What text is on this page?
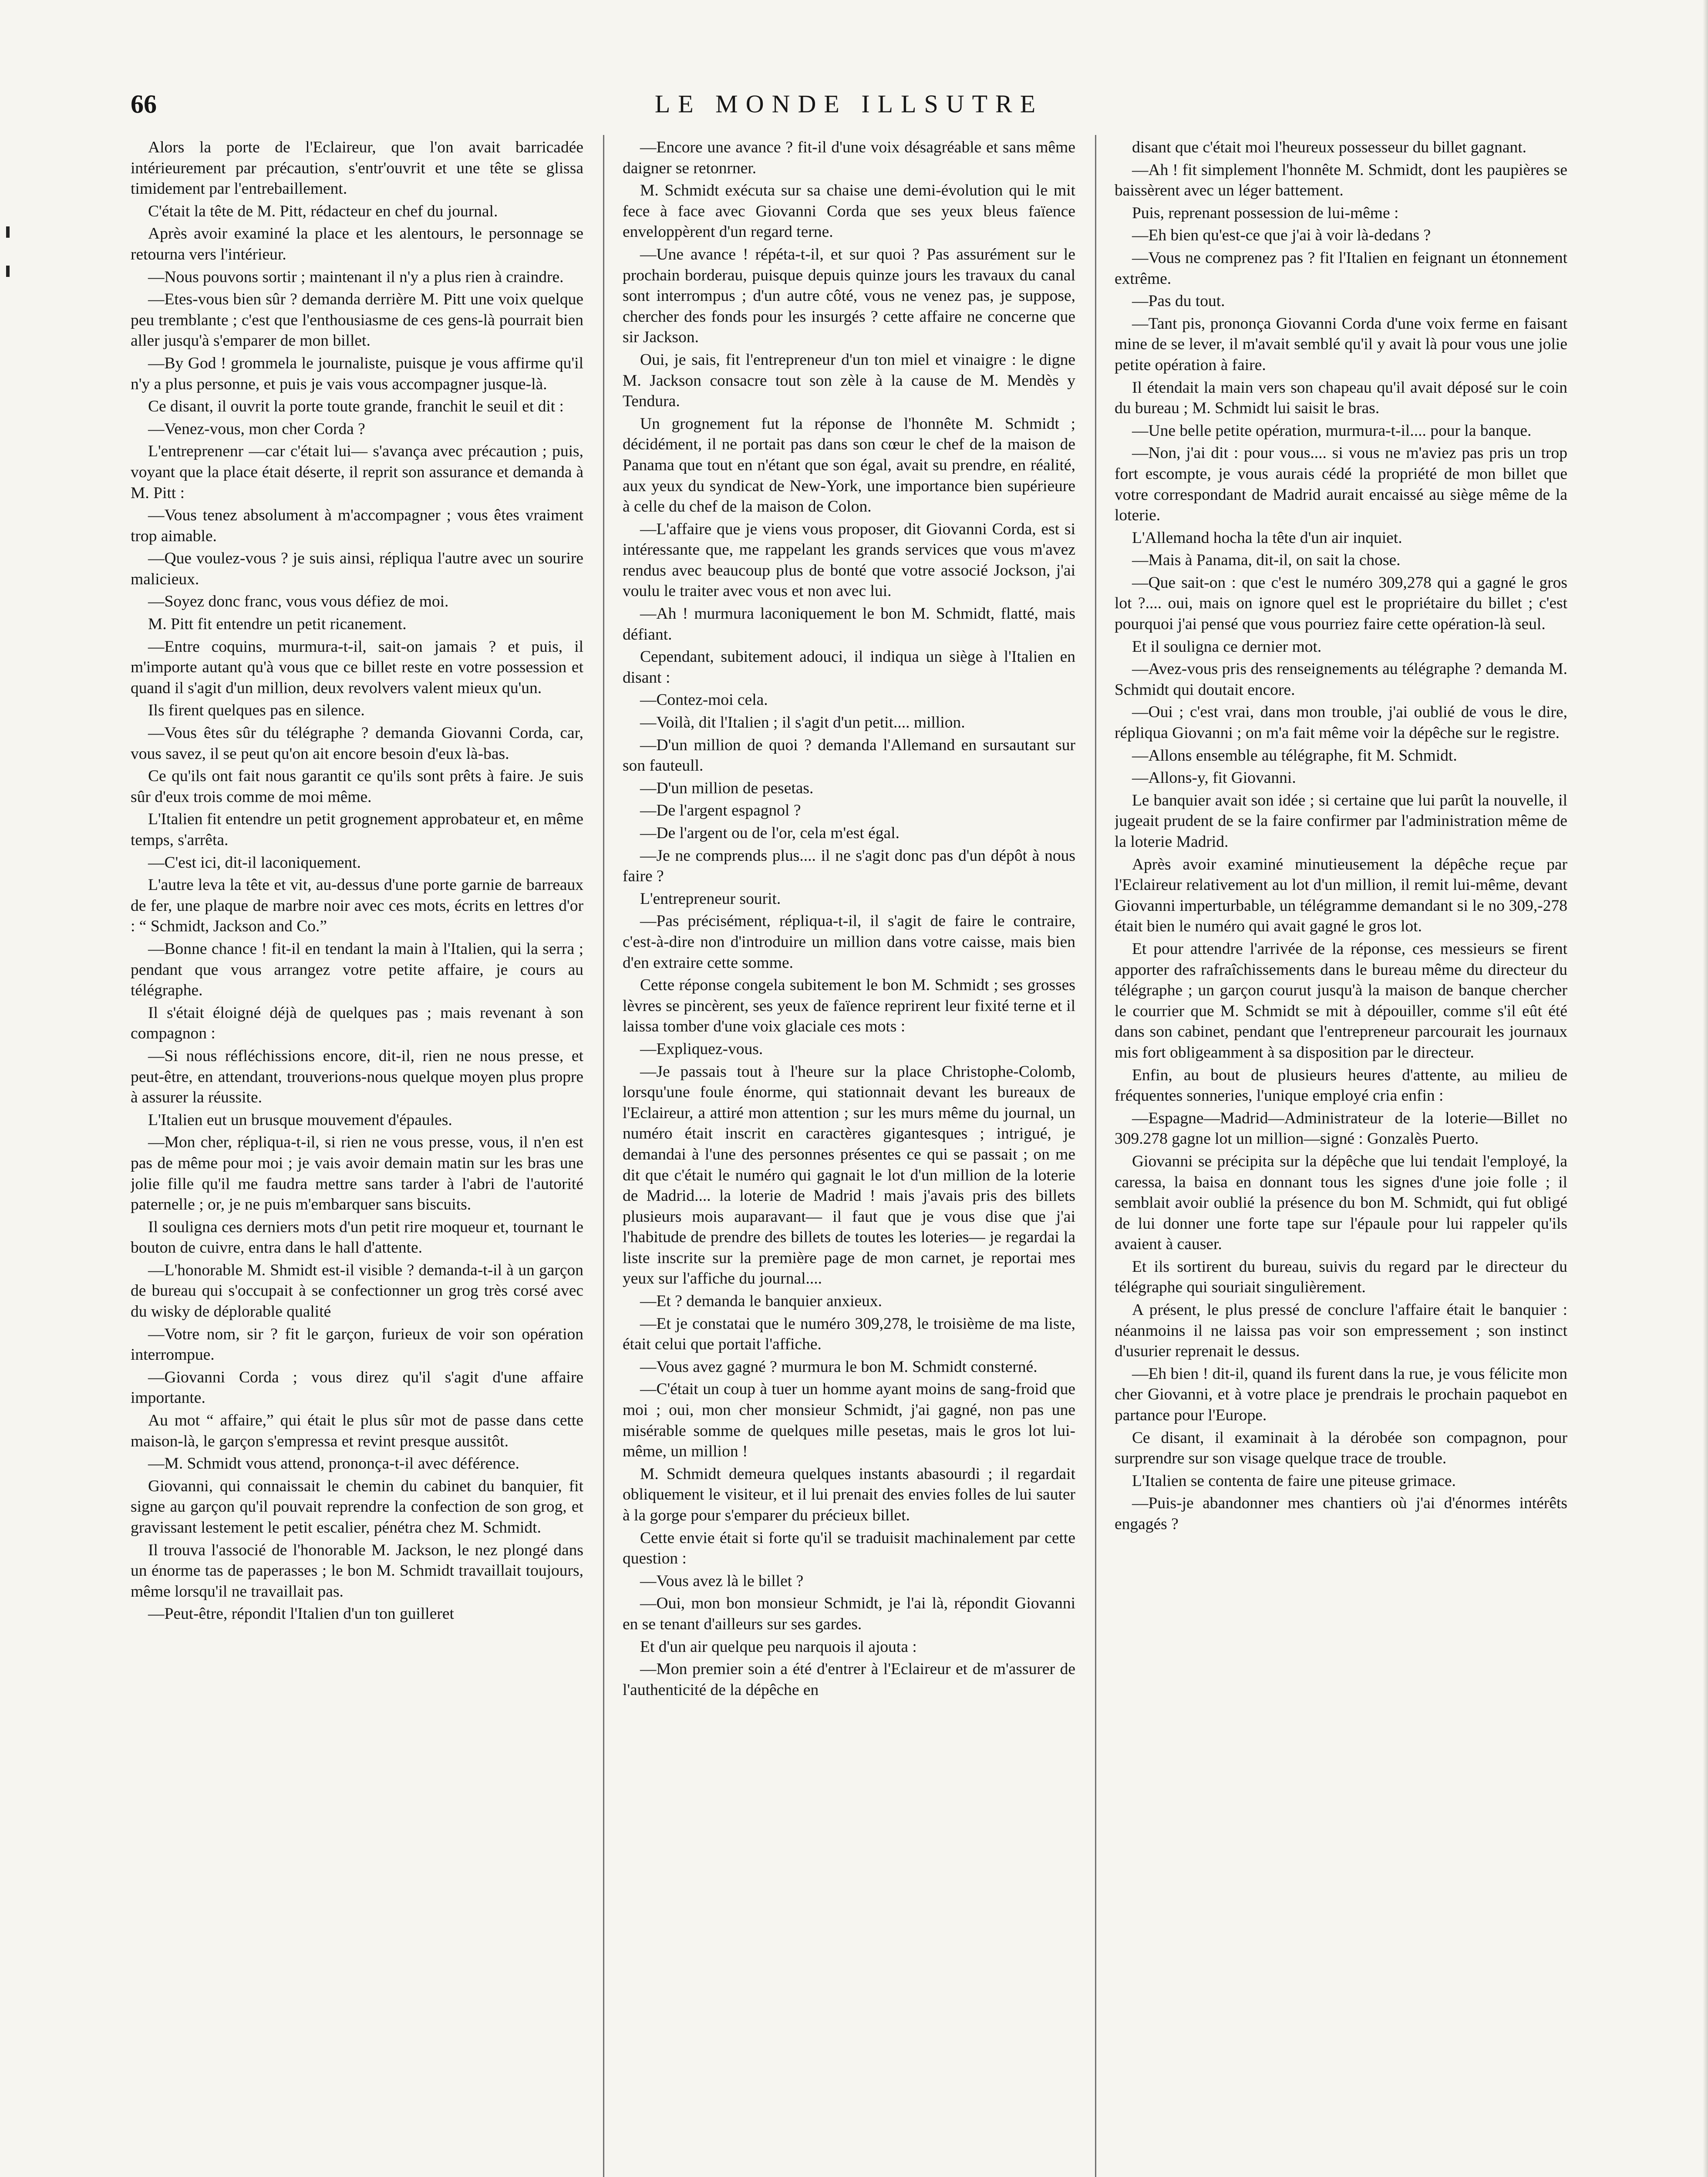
66	LE MONDE ILLSUTRE

Alors la porte de l'Eclaireur, que l'on avait barricadée intérieurement par précaution, s'entr'ouvrit et une tête se glissa timidement par l'entrebaillement.

C'était la tête de M. Pitt, rédacteur en chef du journal.

Après avoir examiné la place et les alentours, le personnage se retourna vers l'intérieur.

—Nous pouvons sortir ; maintenant il n'y a plus rien à craindre.

—Etes-vous bien sûr ? demanda derrière M. Pitt une voix quelque peu tremblante ; c'est que l'enthousiasme de ces gens-là pourrait bien aller jusqu'à s'emparer de mon billet.

—By God ! grommela le journaliste, puisque je vous affirme qu'il n'y a plus personne, et puis je vais vous accompagner jusque-là.

Ce disant, il ouvrit la porte toute grande, franchit le seuil et dit :

—Venez-vous, mon cher Corda ?

L'entreprenenr —car c'était lui— s'avança avec précaution ; puis, voyant que la place était déserte, il reprit son assurance et demanda à M. Pitt :

—Vous tenez absolument à m'accompagner ; vous êtes vraiment trop aimable.

—Que voulez-vous ? je suis ainsi, répliqua l'autre avec un sourire malicieux.

—Soyez donc franc, vous vous défiez de moi.

M. Pitt fit entendre un petit ricanement.

—Entre coquins, murmura-t-il, sait-on jamais ? et puis, il m'importe autant qu'à vous que ce billet reste en votre possession et quand il s'agit d'un million, deux revolvers valent mieux qu'un.

Ils firent quelques pas en silence.

—Vous êtes sûr du télégraphe ? demanda Giovanni Corda, car, vous savez, il se peut qu'on ait encore besoin d'eux là-bas.

Ce qu'ils ont fait nous garantit ce qu'ils sont prêts à faire. Je suis sûr d'eux trois comme de moi même.

L'Italien fit entendre un petit grognement approbateur et, en même temps, s'arrêta.

—C'est ici, dit-il laconiquement.

L'autre leva la tête et vit, au-dessus d'une porte garnie de barreaux de fer, une plaque de marbre noir avec ces mots, écrits en lettres d'or : “ Schmidt, Jackson and Co.”

—Bonne chance ! fit-il en tendant la main à l'Italien, qui la serra ; pendant que vous arrangez votre petite affaire, je cours au télégraphe.

Il s'était éloigné déjà de quelques pas ; mais revenant à son compagnon :

—Si nous réfléchissions encore, dit-il, rien ne nous presse, et peut-être, en attendant, trouverions-nous quelque moyen plus propre à assurer la réussite.

L'Italien eut un brusque mouvement d'épaules.

—Mon cher, répliqua-t-il, si rien ne vous presse, vous, il n'en est pas de même pour moi ; je vais avoir demain matin sur les bras une jolie fille qu'il me faudra mettre sans tarder à l'abri de l'autorité paternelle ; or, je ne puis m'embarquer sans biscuits.

Il souligna ces derniers mots d'un petit rire moqueur et, tournant le bouton de cuivre, entra dans le hall d'attente.

—L'honorable M. Shmidt est-il visible ? demanda-t-il à un garçon de bureau qui s'occupait à se confectionner un grog très corsé avec du wisky de déplorable qualité

—Votre nom, sir ? fit le garçon, furieux de voir son opération interrompue.

—Giovanni Corda ; vous direz qu'il s'agit d'une affaire importante.

Au mot “ affaire,” qui était le plus sûr mot de passe dans cette maison-là, le garçon s'empressa et revint presque aussitôt.

—M. Schmidt vous attend, prononça-t-il avec déférence.

Giovanni, qui connaissait le chemin du cabinet du banquier, fit signe au garçon qu'il pouvait reprendre la confection de son grog, et gravissant lestement le petit escalier, pénétra chez M. Schmidt.

Il trouva l'associé de l'honorable M. Jackson, le nez plongé dans un énorme tas de paperasses ; le bon M. Schmidt travaillait toujours, même lorsqu'il ne travaillait pas.

—Peut-être, répondit l'Italien d'un ton guilleret

—Encore une avance ? fit-il d'une voix désagréable et sans même daigner se retonrner.

M. Schmidt exécuta sur sa chaise une demi-évolution qui le mit fece à face avec Giovanni Corda que ses yeux bleus faïence enveloppèrent d'un regard terne.

—Une avance ! répéta-t-il, et sur quoi ? Pas assurément sur le prochain borderau, puisque depuis quinze jours les travaux du canal sont interrompus ; d'un autre côté, vous ne venez pas, je suppose, chercher des fonds pour les insurgés ? cette affaire ne concerne que sir Jackson.

Oui, je sais, fit l'entrepreneur d'un ton miel et vinaigre : le digne M. Jackson consacre tout son zèle à la cause de M. Mendès y Tendura.

Un grognement fut la réponse de l'honnête M. Schmidt ; décidément, il ne portait pas dans son cœur le chef de la maison de Panama que tout en n'étant que son égal, avait su prendre, en réalité, aux yeux du syndicat de New-York, une importance bien supérieure à celle du chef de la maison de Colon.

—L'affaire que je viens vous proposer, dit Giovanni Corda, est si intéressante que, me rappelant les grands services que vous m'avez rendus avec beaucoup plus de bonté que votre associé Jockson, j'ai voulu le traiter avec vous et non avec lui.

—Ah ! murmura laconiquement le bon M. Schmidt, flatté, mais défiant.

Cependant, subitement adouci, il indiqua un siège à l'Italien en disant :

—Contez-moi cela.

—Voilà, dit l'Italien ; il s'agit d'un petit.... million.

—D'un million de quoi ? demanda l'Allemand en sursautant sur son fauteull.

—D'un million de pesetas.

—De l'argent espagnol ?

—De l'argent ou de l'or, cela m'est égal.

—Je ne comprends plus.... il ne s'agit donc pas d'un dépôt à nous faire ?

L'entrepreneur sourit.

—Pas précisément, répliqua-t-il, il s'agit de faire le contraire, c'est-à-dire non d'introduire un million dans votre caisse, mais bien d'en extraire cette somme.

Cette réponse congela subitement le bon M. Schmidt ; ses grosses lèvres se pincèrent, ses yeux de faïence reprirent leur fixité terne et il laissa tomber d'une voix glaciale ces mots :

—Expliquez-vous.

—Je passais tout à l'heure sur la place Christophe-Colomb, lorsqu'une foule énorme, qui stationnait devant les bureaux de l'Eclaireur, a attiré mon attention ; sur les murs même du journal, un numéro était inscrit en caractères gigantesques ; intrigué, je demandai à l'une des personnes présentes ce qui se passait ; on me dit que c'était le numéro qui gagnait le lot d'un million de la loterie de Madrid.... la loterie de Madrid ! mais j'avais pris des billets plusieurs mois auparavant— il faut que je vous dise que j'ai l'habitude de prendre des billets de toutes les loteries— je regardai la liste inscrite sur la première page de mon carnet, je reportai mes yeux sur l'affiche du journal....

—Et ? demanda le banquier anxieux.

—Et je constatai que le numéro 309,278, le troisième de ma liste, était celui que portait l'affiche.

—Vous avez gagné ? murmura le bon M. Schmidt consterné.

—C'était un coup à tuer un homme ayant moins de sang-froid que moi ; oui, mon cher monsieur Schmidt, j'ai gagné, non pas une misérable somme de quelques mille pesetas, mais le gros lot lui-même, un million !

M. Schmidt demeura quelques instants abasourdi ; il regardait obliquement le visiteur, et il lui prenait des envies folles de lui sauter à la gorge pour s'emparer du précieux billet.

Cette envie était si forte qu'il se traduisit machinalement par cette question :

—Vous avez là le billet ?

—Oui, mon bon monsieur Schmidt, je l'ai là, répondit Giovanni en se tenant d'ailleurs sur ses gardes.

Et d'un air quelque peu narquois il ajouta :

—Mon premier soin a été d'entrer à l'Eclaireur et de m'assurer de l'authenticité de la dépêche en

disant que c'était moi l'heureux possesseur du billet gagnant.

—Ah ! fit simplement l'honnête M. Schmidt, dont les paupières se baissèrent avec un léger battement.

Puis, reprenant possession de lui-même :

—Eh bien qu'est-ce que j'ai à voir là-dedans ?

—Vous ne comprenez pas ? fit l'Italien en feignant un étonnement extrême.

—Pas du tout.

—Tant pis, prononça Giovanni Corda d'une voix ferme en faisant mine de se lever, il m'avait semblé qu'il y avait là pour vous une jolie petite opération à faire.

Il étendait la main vers son chapeau qu'il avait déposé sur le coin du bureau ; M. Schmidt lui saisit le bras.

—Une belle petite opération, murmura-t-il.... pour la banque.

—Non, j'ai dit : pour vous.... si vous ne m'aviez pas pris un trop fort escompte, je vous aurais cédé la propriété de mon billet que votre correspondant de Madrid aurait encaissé au siège même de la loterie.

L'Allemand hocha la tête d'un air inquiet.

—Mais à Panama, dit-il, on sait la chose.

—Que sait-on : que c'est le numéro 309,278 qui a gagné le gros lot ?.... oui, mais on ignore quel est le propriétaire du billet ; c'est pourquoi j'ai pensé que vous pourriez faire cette opération-là seul.

Et il souligna ce dernier mot.

—Avez-vous pris des renseignements au télégraphe ? demanda M. Schmidt qui doutait encore.

—Oui ; c'est vrai, dans mon trouble, j'ai oublié de vous le dire, répliqua Giovanni ; on m'a fait même voir la dépêche sur le registre.

—Allons ensemble au télégraphe, fit M. Schmidt.

—Allons-y, fit Giovanni.

Le banquier avait son idée ; si certaine que lui parût la nouvelle, il jugeait prudent de se la faire confirmer par l'administration même de la loterie Madrid.

Après avoir examiné minutieusement la dépêche reçue par l'Eclaireur relativement au lot d'un million, il remit lui-même, devant Giovanni imperturbable, un télégramme demandant si le no 309,-278 était bien le numéro qui avait gagné le gros lot.

Et pour attendre l'arrivée de la réponse, ces messieurs se firent apporter des rafraîchissements dans le bureau même du directeur du télégraphe ; un garçon courut jusqu'à la maison de banque chercher le courrier que M. Schmidt se mit à dépouiller, comme s'il eût été dans son cabinet, pendant que l'entrepreneur parcourait les journaux mis fort obligeamment à sa disposition par le directeur.

Enfin, au bout de plusieurs heures d'attente, au milieu de fréquentes sonneries, l'unique employé cria enfin :

—Espagne—Madrid—Administrateur de la loterie—Billet no 309.278 gagne lot un million—signé : Gonzalès Puerto.

Giovanni se précipita sur la dépêche que lui tendait l'employé, la caressa, la baisa en donnant tous les signes d'une joie folle ; il semblait avoir oublié la présence du bon M. Schmidt, qui fut obligé de lui donner une forte tape sur l'épaule pour lui rappeler qu'ils avaient à causer.

Et ils sortirent du bureau, suivis du regard par le directeur du télégraphe qui souriait singulièrement.

A présent, le plus pressé de conclure l'affaire était le banquier : néanmoins il ne laissa pas voir son empressement ; son instinct d'usurier reprenait le dessus.

—Eh bien ! dit-il, quand ils furent dans la rue, je vous félicite mon cher Giovanni, et à votre place je prendrais le prochain paquebot en partance pour l'Europe.

Ce disant, il examinait à la dérobée son compagnon, pour surprendre sur son visage quelque trace de trouble.

L'Italien se contenta de faire une piteuse grimace.

—Puis-je abandonner mes chantiers où j'ai d'énormes intérêts engagés ?
